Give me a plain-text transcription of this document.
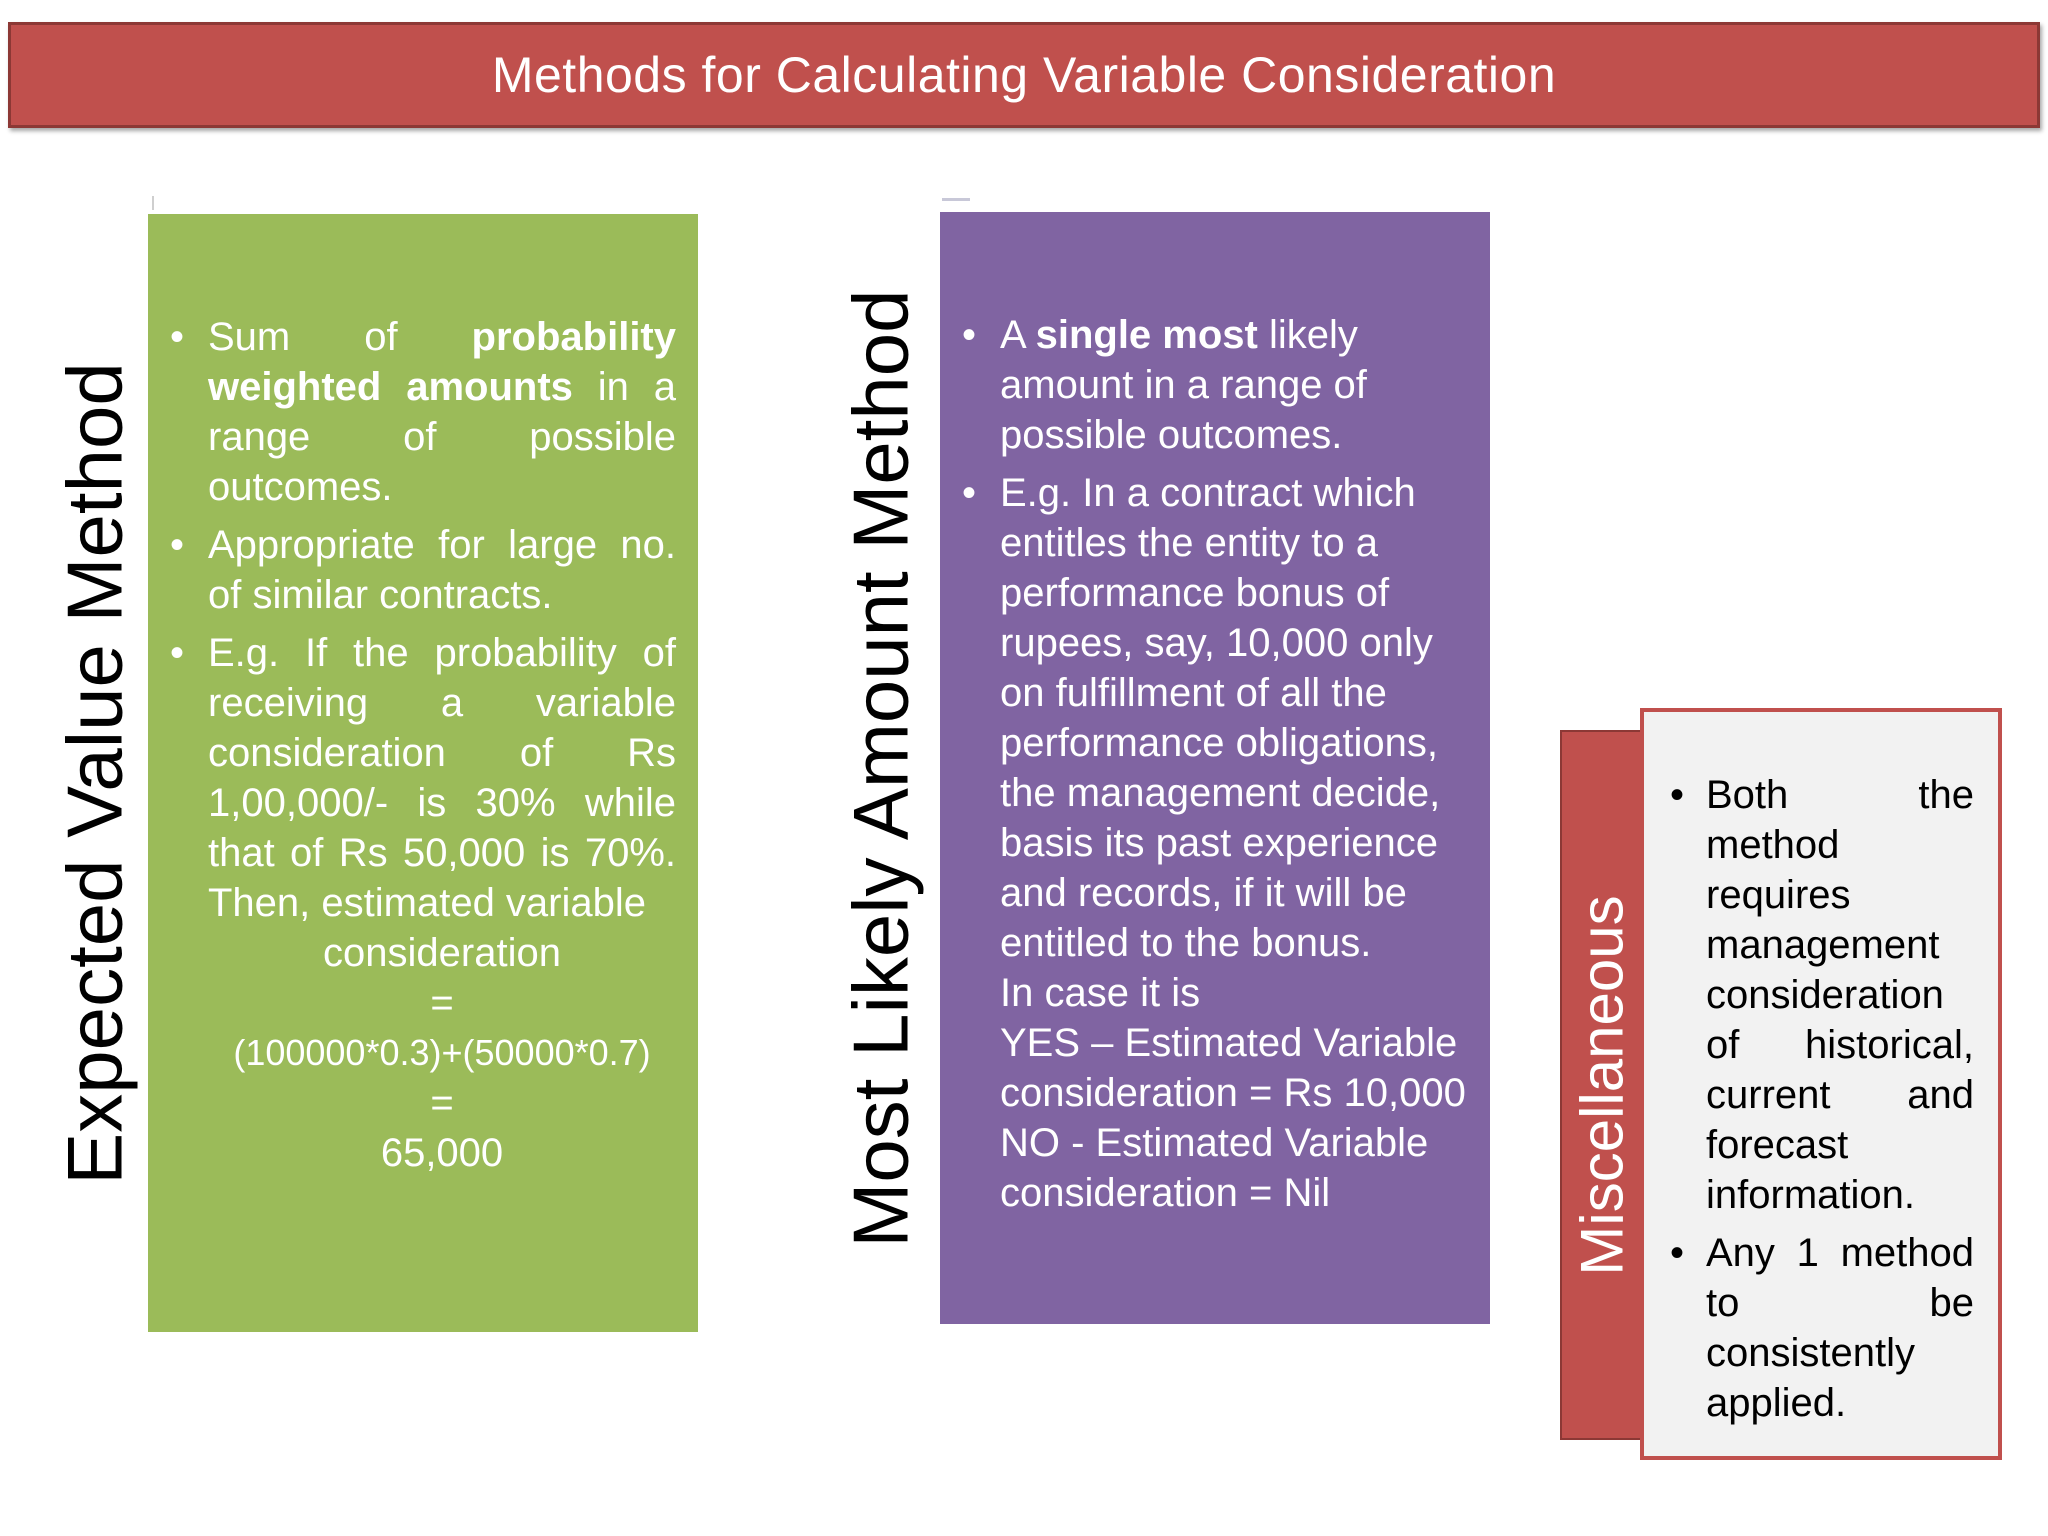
Methods for Calculating Variable Consideration
Expected Value Method
• Sum of probability weighted amounts in a range of possible outcomes.
• Appropriate for large no. of similar contracts.
• E.g. If the probability of receiving a variable consideration of Rs 1,00,000/- is 30% while that of Rs 50,000 is 70%. Then, estimated variable
consideration
=
(100000*0.3)+(50000*0.7)
=
65,000	Most Likely Amount Method
•	A single most likely amount in a range of possible outcomes.
• E.g. In a contract which entitles the entity to a performance bonus of rupees, say, 10,000 only on fulfillment of all the performance obligations, the management decide, basis its past experience and records, if it will be entitled to the bonus.
In case it is
YES – Estimated Variable consideration = Rs 10,000
NO - Estimated Variable consideration = Nil	Miscellaneous
• Both the method requires management consideration of historical, current and forecast information.
• Any 1 method to be consistently applied.
